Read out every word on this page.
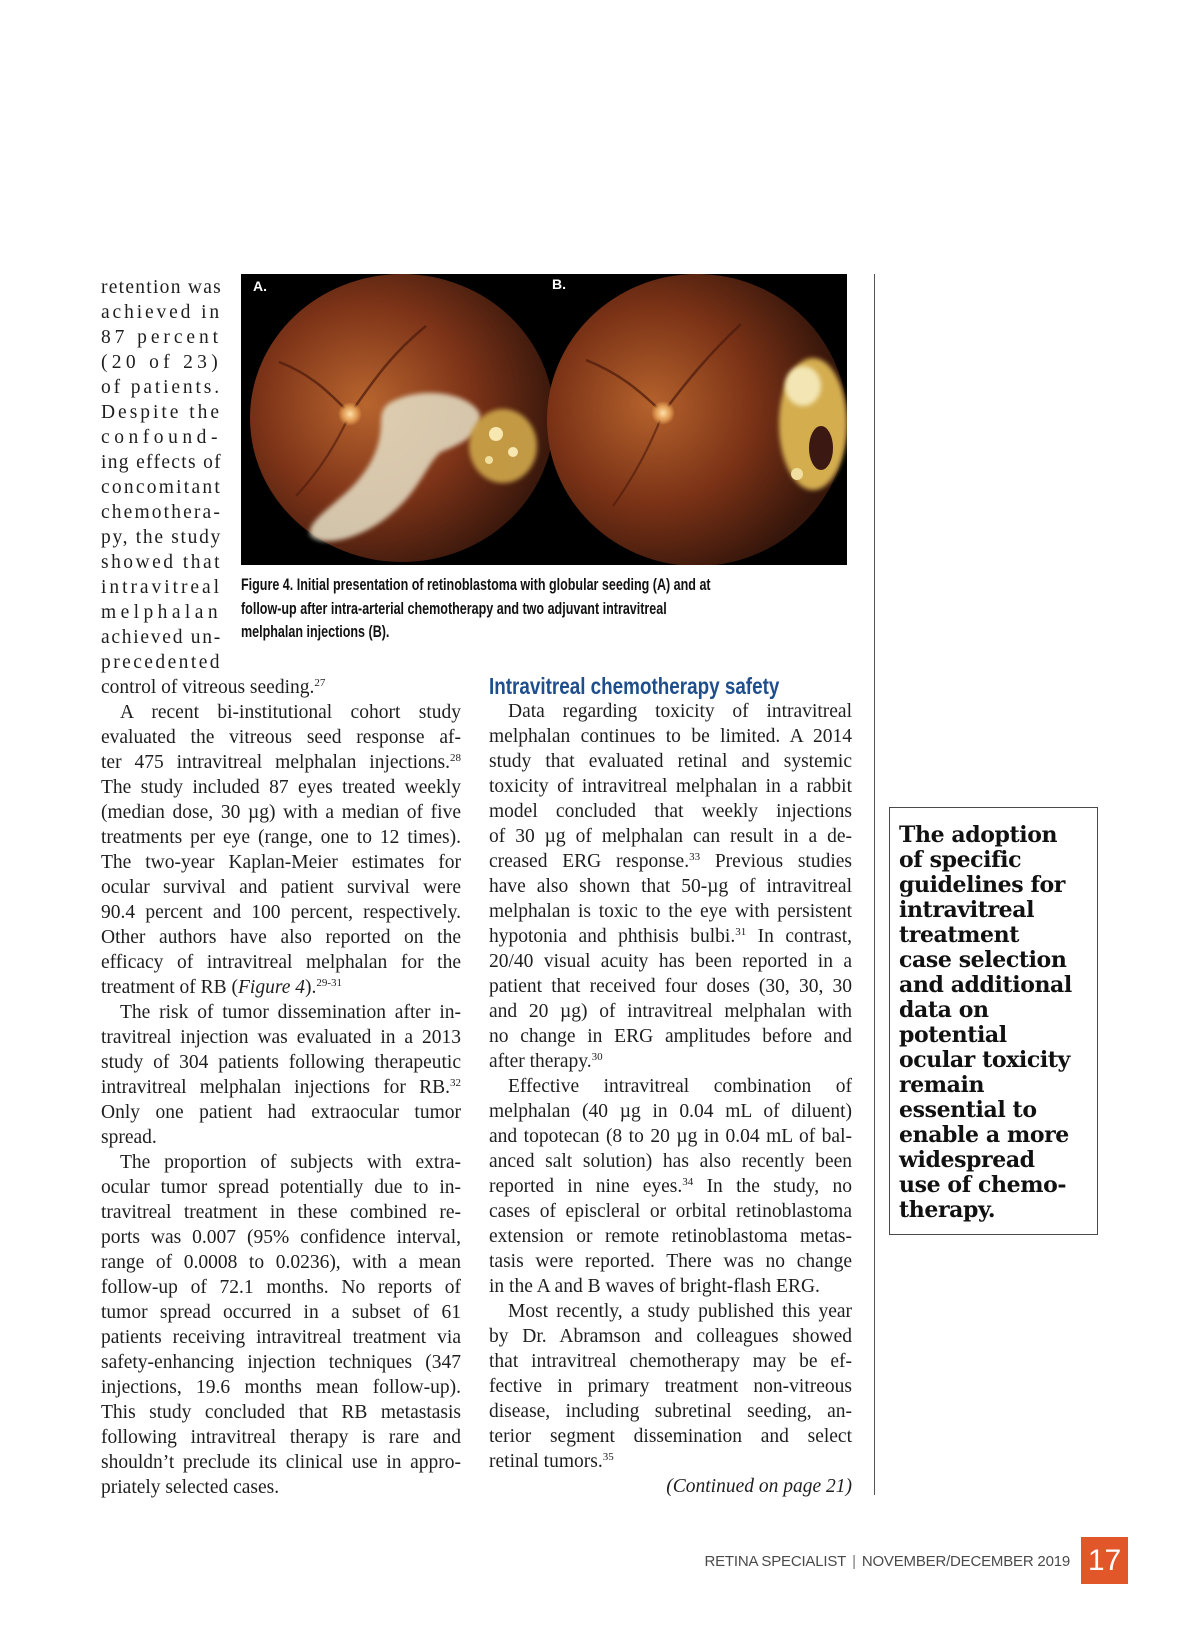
retention was
achieved in
87 percent
(20 of 23)
of patients.
Despite the
confound-
ing effects of
concomitant
chemothera-
py, the study
showed that
intravitreal
melphalan
achieved un-
precedented
control of vitreous seeding.$^{27}$
A recent bi-institutional cohort study
evaluated the vitreous seed response af-
ter 475 intravitreal melphalan injections.$^{28}$
The study included 87 eyes treated weekly
(median dose, 30 µg) with a median of five
treatments per eye (range, one to 12 times).
The two-year Kaplan-Meier estimates for
ocular survival and patient survival were
90.4 percent and 100 percent, respectively.
Other authors have also reported on the
efficacy of intravitreal melphalan for the
treatment of RB (Figure 4).$^{29-31}$
The risk of tumor dissemination after in-
travitreal injection was evaluated in a 2013
study of 304 patients following therapeutic
intravitreal melphalan injections for RB.$^{32}$
Only one patient had extraocular tumor
spread.
The proportion of subjects with extra-
ocular tumor spread potentially due to in-
travitreal treatment in these combined re-
ports was 0.007 (95% confidence interval,
range of 0.0008 to 0.0236), with a mean
follow-up of 72.1 months. No reports of
tumor spread occurred in a subset of 61
patients receiving intravitreal treatment via
safety-enhancing injection techniques (347
injections, 19.6 months mean follow-up).
This study concluded that RB metastasis
following intravitreal therapy is rare and
shouldn’t preclude its clinical use in appro-
priately selected cases.
A.	B.
Figure 4. Initial presentation of retinoblastoma with globular seeding (A) and at
follow-up after intra-arterial chemotherapy and two adjuvant intravitreal
melphalan injections (B).
Intravitreal chemotherapy safety
Data regarding toxicity of intravitreal
melphalan continues to be limited. A 2014
study that evaluated retinal and systemic
toxicity of intravitreal melphalan in a rabbit
model concluded that weekly injections
of 30 µg of melphalan can result in a de-
creased ERG response.$^{33}$ Previous studies
have also shown that 50-µg of intravitreal
melphalan is toxic to the eye with persistent
hypotonia and phthisis bulbi.$^{31}$ In contrast,
20/40 visual acuity has been reported in a
patient that received four doses (30, 30, 30
and 20 µg) of intravitreal melphalan with
no change in ERG amplitudes before and
after therapy.$^{30}$
Effective intravitreal combination of
melphalan (40 µg in 0.04 mL of diluent)
and topotecan (8 to 20 µg in 0.04 mL of bal-
anced salt solution) has also recently been
reported in nine eyes.$^{34}$ In the study, no
cases of episcleral or orbital retinoblastoma
extension or remote retinoblastoma metas-
tasis were reported. There was no change
in the A and B waves of bright-flash ERG.
Most recently, a study published this year
by Dr. Abramson and colleagues showed
that intravitreal chemotherapy may be ef-
fective in primary treatment non-vitreous
disease, including subretinal seeding, an-
terior segment dissemination and select
retinal tumors.$^{35}$
(Continued on page 21)
The adoption
of specific
guidelines for
intravitreal
treatment
case selection
and additional
data on
potential
ocular toxicity
remain
essential to
enable a more
widespread
use of chemo-
therapy.
RETINA SPECIALIST | NOVEMBER/DECEMBER 2019 17
